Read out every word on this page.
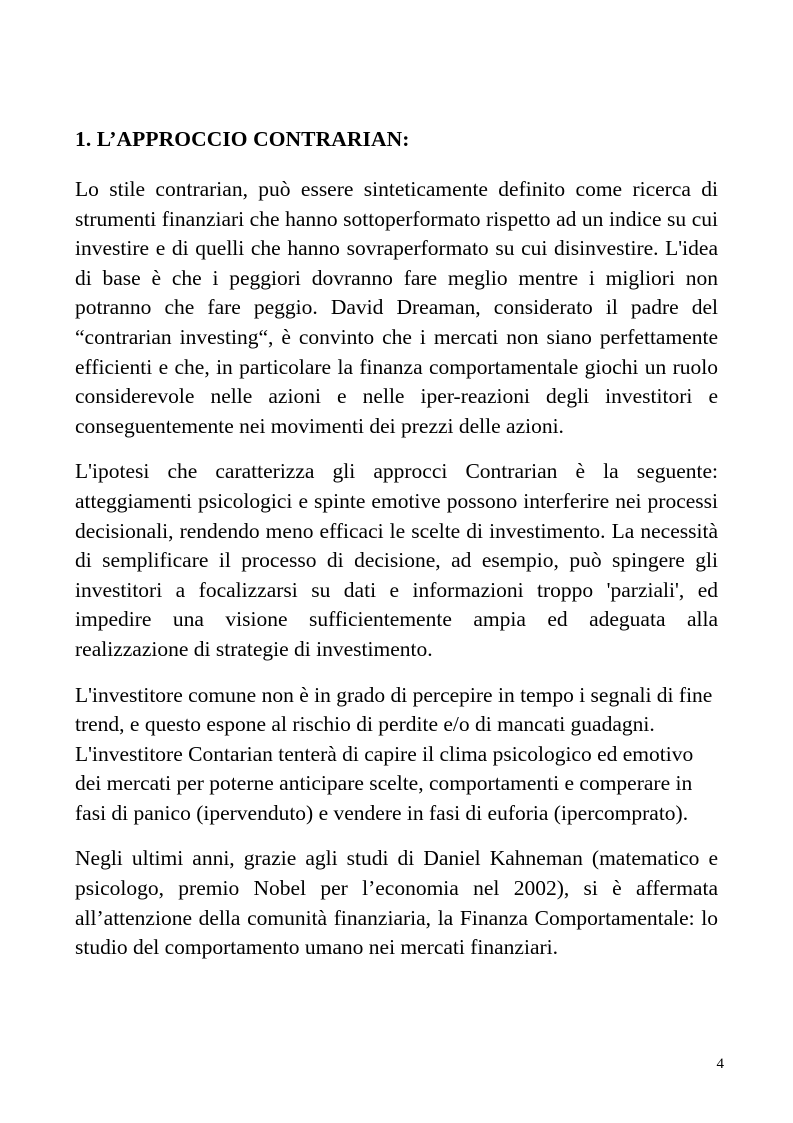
1. L’APPROCCIO CONTRARIAN:

Lo stile contrarian, può essere sinteticamente definito come ricerca di strumenti finanziari che hanno sottoperformato rispetto ad un indice su cui investire e di quelli che hanno sovraperformato su cui disinvestire. L'idea di base è che i peggiori dovranno fare meglio mentre i migliori non potranno che fare peggio. David Dreaman, considerato il padre del “contrarian investing“, è convinto che i mercati non siano perfettamente efficienti e che, in particolare la finanza comportamentale giochi un ruolo considerevole nelle azioni e nelle iper-reazioni degli investitori e conseguentemente nei movimenti dei prezzi delle azioni.

L'ipotesi che caratterizza gli approcci Contrarian è la seguente: atteggiamenti psicologici e spinte emotive possono interferire nei processi decisionali, rendendo meno efficaci le scelte di investimento. La necessità di semplificare il processo di decisione, ad esempio, può spingere gli investitori a focalizzarsi su dati e informazioni troppo 'parziali', ed impedire una visione sufficientemente ampia ed adeguata alla realizzazione di strategie di investimento.

L'investitore comune non è in grado di percepire in tempo i segnali di fine trend, e questo espone al rischio di perdite e/o di mancati guadagni. L'investitore Contarian tenterà di capire il clima psicologico ed emotivo dei mercati per poterne anticipare scelte, comportamenti e comperare in fasi di panico (ipervenduto) e vendere in fasi di euforia (ipercomprato).

Negli ultimi anni, grazie agli studi di Daniel Kahneman (matematico e psicologo, premio Nobel per l’economia nel 2002), si è affermata all’attenzione della comunità finanziaria, la Finanza Comportamentale: lo studio del comportamento umano nei mercati finanziari.

4
